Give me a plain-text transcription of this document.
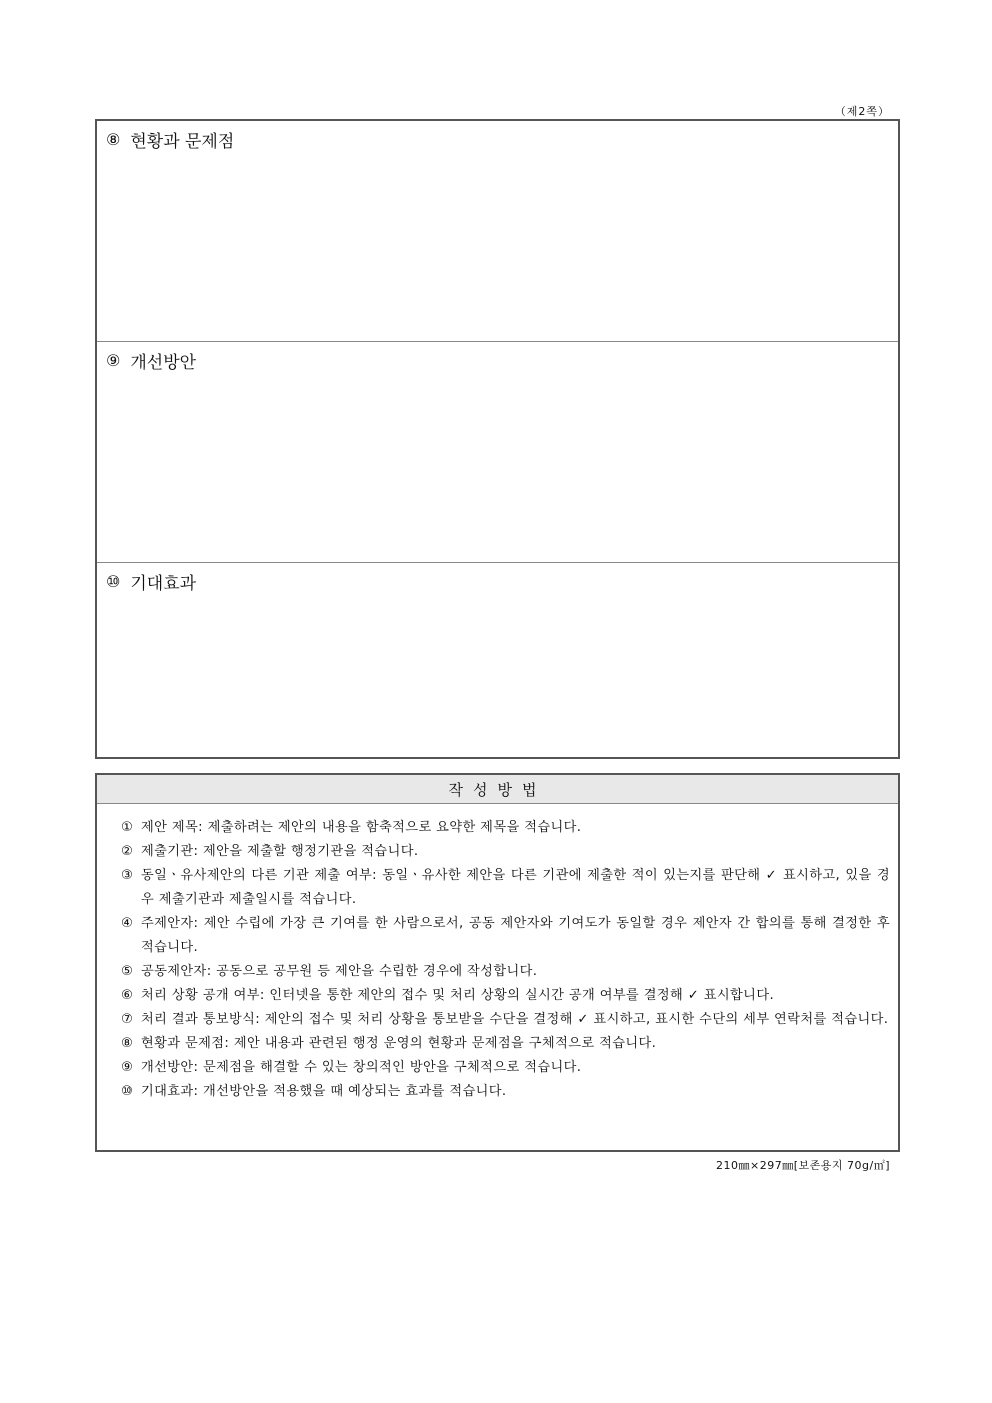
（제2쪽）
⑧ 현황과 문제점
⑨ 개선방안
⑩ 기대효과
작성방법
① 제안 제목: 제출하려는 제안의 내용을 함축적으로 요약한 제목을 적습니다.
② 제출기관: 제안을 제출할 행정기관을 적습니다.
③ 동일ㆍ유사제안의 다른 기관 제출 여부: 동일ㆍ유사한 제안을 다른 기관에 제출한 적이 있는지를 판단해 ✓ 표시하고, 있을 경우 제출기관과 제출일시를 적습니다.
④ 주제안자: 제안 수립에 가장 큰 기여를 한 사람으로서, 공동 제안자와 기여도가 동일할 경우 제안자 간 합의를 통해 결정한 후 적습니다.
⑤ 공동제안자: 공동으로 공무원 등 제안을 수립한 경우에 작성합니다.
⑥ 처리 상황 공개 여부: 인터넷을 통한 제안의 접수 및 처리 상황의 실시간 공개 여부를 결정해 ✓ 표시합니다.
⑦ 처리 결과 통보방식: 제안의 접수 및 처리 상황을 통보받을 수단을 결정해 ✓ 표시하고, 표시한 수단의 세부 연락처를 적습니다.
⑧ 현황과 문제점: 제안 내용과 관련된 행정 운영의 현황과 문제점을 구체적으로 적습니다.
⑨ 개선방안: 문제점을 해결할 수 있는 창의적인 방안을 구체적으로 적습니다.
⑩ 기대효과: 개선방안을 적용했을 때 예상되는 효과를 적습니다.
210㎜×297㎜[보존용지 70g/㎡]
